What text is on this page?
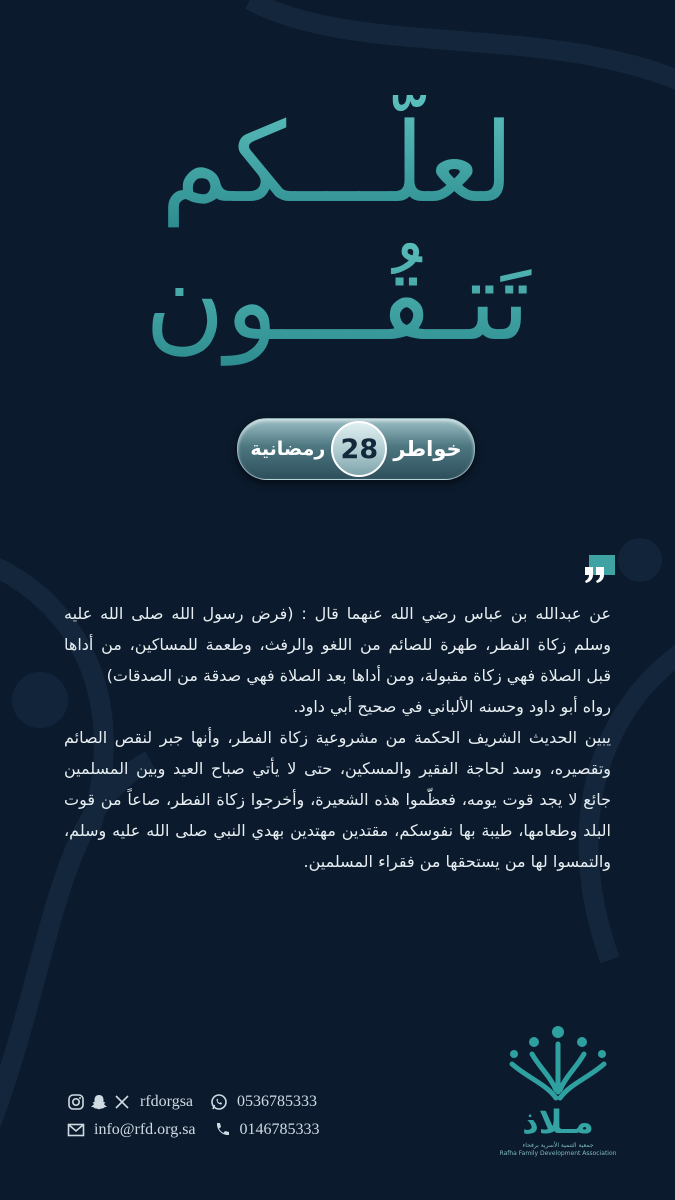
لعلّـــكم
تَتـقُـــون
خواطر
28
رمضانية

عن عبدالله بن عباس رضي الله عنهما قال : (فرض رسول الله صلى الله عليه وسلم زكاة الفطر، طهرة للصائم من اللغو والرفث، وطعمة للمساكين، من أداها قبل الصلاة فهي زكاة مقبولة، ومن أداها بعد الصلاة فهي صدقة من الصدقات)

رواه أبو داود وحسنه الألباني في صحيح أبي داود.

يبين الحديث الشريف الحكمة من مشروعية زكاة الفطر، وأنها جبر لنقص الصائم وتقصيره، وسد لحاجة الفقير والمسكين، حتى لا يأتي صباح العيد وبين المسلمين جائع لا يجد قوت يومه، فعظّموا هذه الشعيرة، وأخرجوا زكاة الفطر، صاعاً من قوت البلد وطعامها، طيبة بها نفوسكم، مقتدين مهتدين بهدي النبي صلى الله عليه وسلم، والتمسوا لها من يستحقها من فقراء المسلمين.

rfdorgsa	0536785333
info@rfd.org.sa	0146785333	مـلاذ
جمعية التنمية الأسرية برفحاء
Rafha Family Development Association
